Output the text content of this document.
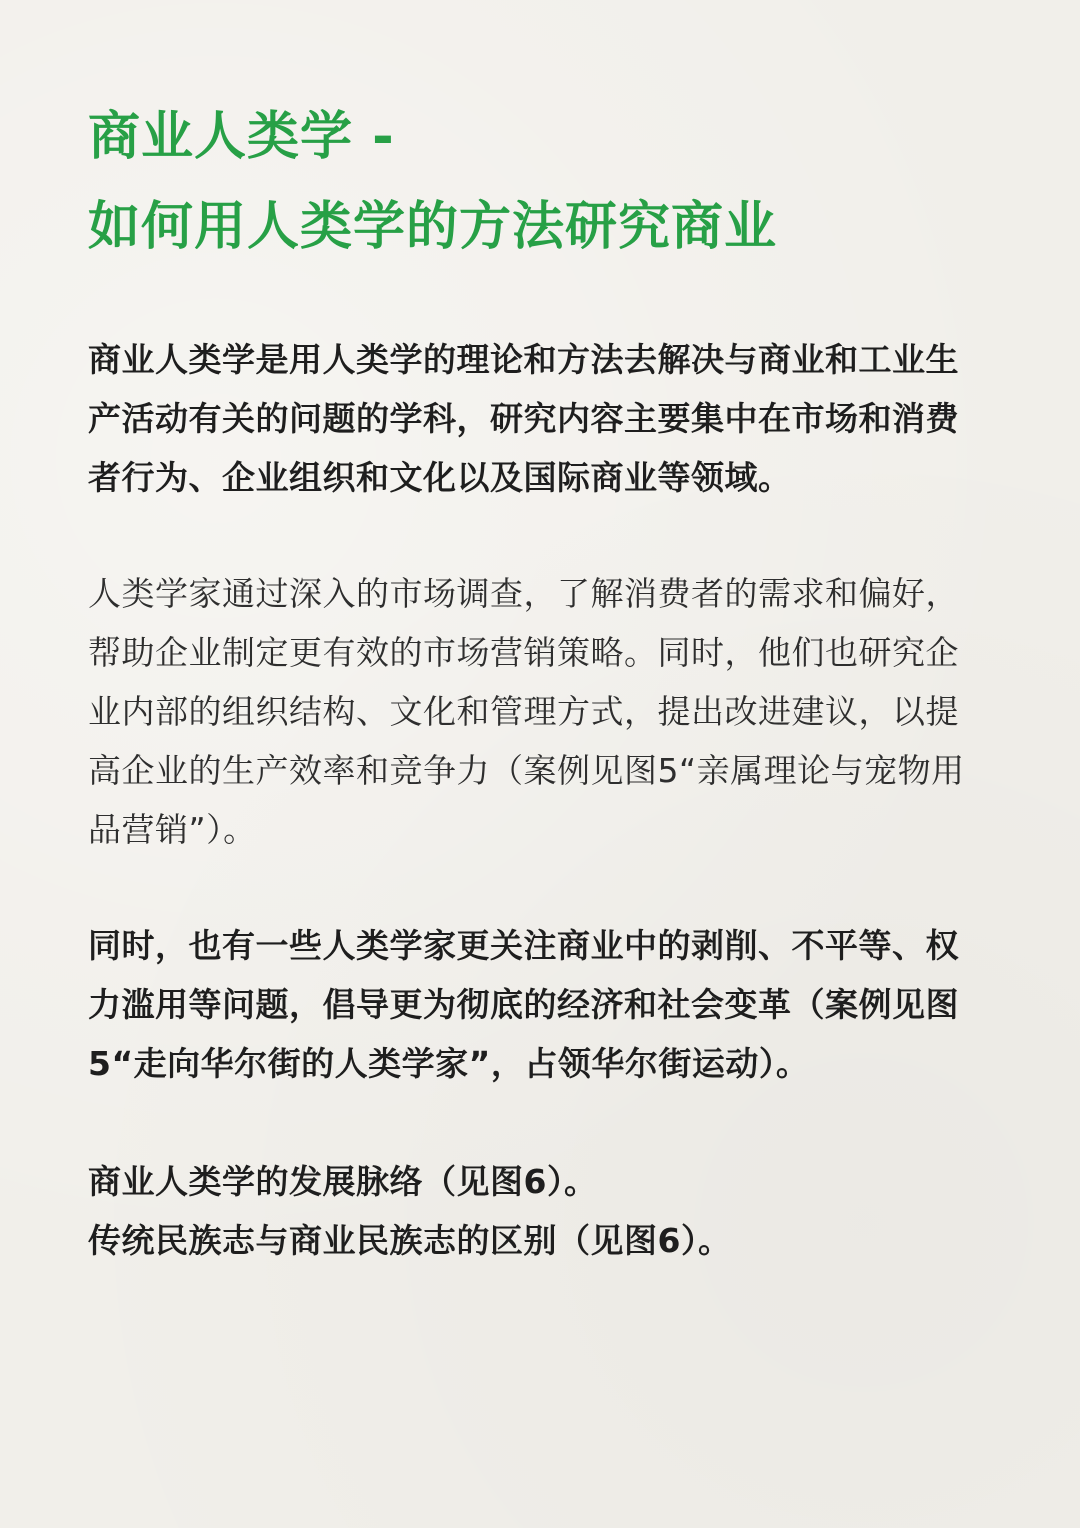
商业人类学 -
如何用人类学的方法研究商业
商业人类学是用人类学的理论和方法去解决与商业和工业生
产活动有关的问题的学科，研究内容主要集中在市场和消费
者行为、企业组织和文化以及国际商业等领域。
人类学家通过深入的市场调查，了解消费者的需求和偏好，
帮助企业制定更有效的市场营销策略。同时，他们也研究企
业内部的组织结构、文化和管理方式，提出改进建议，以提
高企业的生产效率和竞争力（案例见图5“亲属理论与宠物用
品营销”）。
同时，也有一些人类学家更关注商业中的剥削、不平等、权
力滥用等问题，倡导更为彻底的经济和社会变革（案例见图
5“走向华尔街的人类学家”，占领华尔街运动）。
商业人类学的发展脉络（见图6）。
传统民族志与商业民族志的区别（见图6）。
